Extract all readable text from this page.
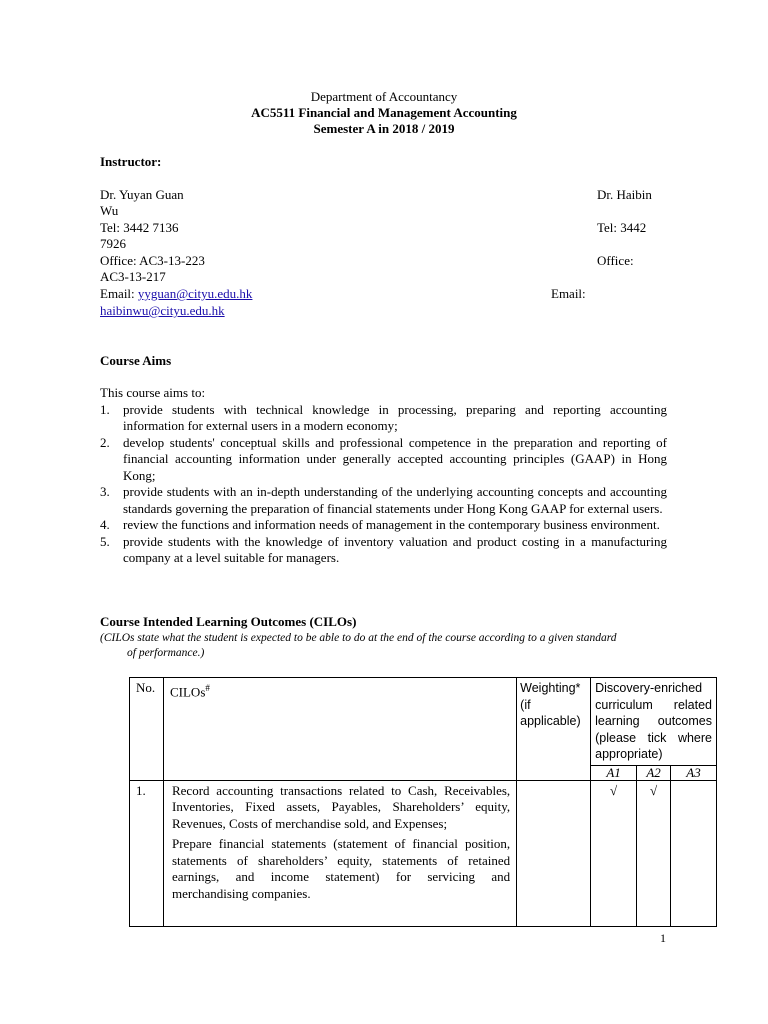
Department of Accountancy
AC5511 Financial and Management Accounting
Semester A in 2018 / 2019
Instructor:
Dr. Yuyan Guan	Dr. Haibin
Wu
Tel: 3442 7136	Tel: 3442
7926
Office: AC3-13-223	Office:
AC3-13-217
Email: yyguan@cityu.edu.hk	Email:
haibinwu@cityu.edu.hk
Course Aims

This course aims to:

1. provide students with technical knowledge in processing, preparing and reporting accounting information for external users in a modern economy;
2. develop students' conceptual skills and professional competence in the preparation and reporting of financial accounting information under generally accepted accounting principles (GAAP) in Hong Kong;
3. provide students with an in-depth understanding of the underlying accounting concepts and accounting standards governing the preparation of financial statements under Hong Kong GAAP for external users.
4. review the functions and information needs of management in the contemporary business environment.
5. provide students with the knowledge of inventory valuation and product costing in a manufacturing company at a level suitable for managers.
Course Intended Learning Outcomes (CILOs)
(CILOs state what the student is expected to be able to do at the end of the course according to a given standard
of performance.)
No.	CILOs#	Weighting* (if applicable)	Discovery-enriched curriculum related learning outcomes (please tick where appropriate)		
			A1	A2	A3
1.	Record accounting transactions related to Cash, Receivables, Inventories, Fixed assets, Payables, Shareholders’ equity, Revenues, Costs of merchandise sold, and Expenses;
Prepare financial statements (statement of financial position, statements of shareholders’ equity, statements of retained earnings, and income statement) for servicing and merchandising companies.		√	√	
1
